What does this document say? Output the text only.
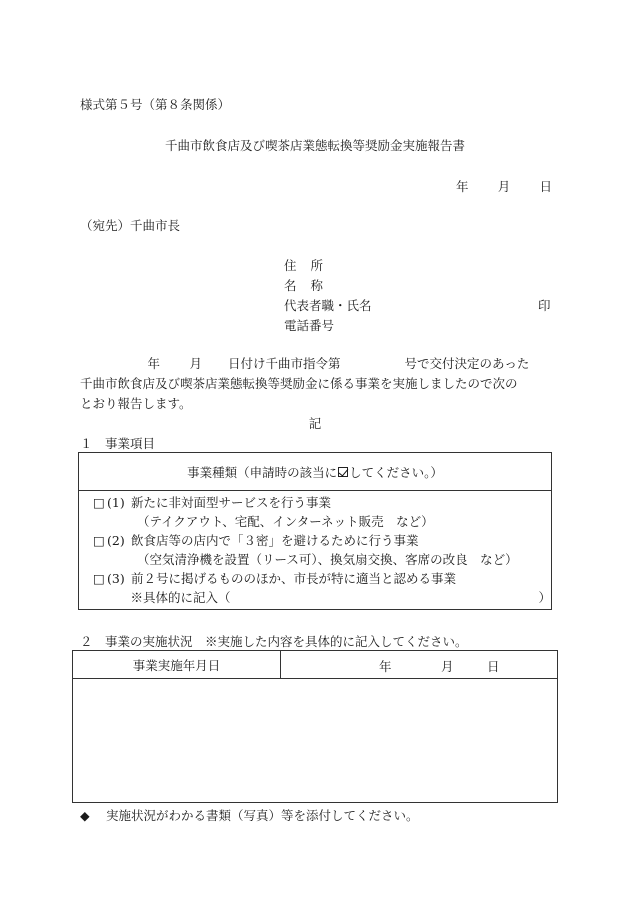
様式第５号（第８条関係）
千曲市飲食店及び喫茶店業態転換等奨励金実施報告書
年 月 日
（宛先）千曲市長
住所
名称
代表者職・氏名	印
電話番号
年 月 日付け千曲市指令第	号で交付決定のあった
千曲市飲食店及び喫茶店業態転換等奨励金に係る事業を実施しましたので次の
とおり報告します。
記
１　事業項目
事業種類（申請時の該当に してください。）
□ (1) 新たに非対面型サービスを行う事業
（テイクアウト、宅配、インターネット販売　など）
□ (2) 飲食店等の店内で「３密」を避けるために行う事業
（空気清浄機を設置（リース可）、換気扇交換、客席の改良　など）
□ (3) 前２号に掲げるもののほか、市長が特に適当と認める事業
※具体的に記入（	）
２　事業の実施状況　※実施した内容を具体的に記入してください。
事業実施年月日	年	月	日
◆ 実施状況がわかる書類（写真）等を添付してください。
